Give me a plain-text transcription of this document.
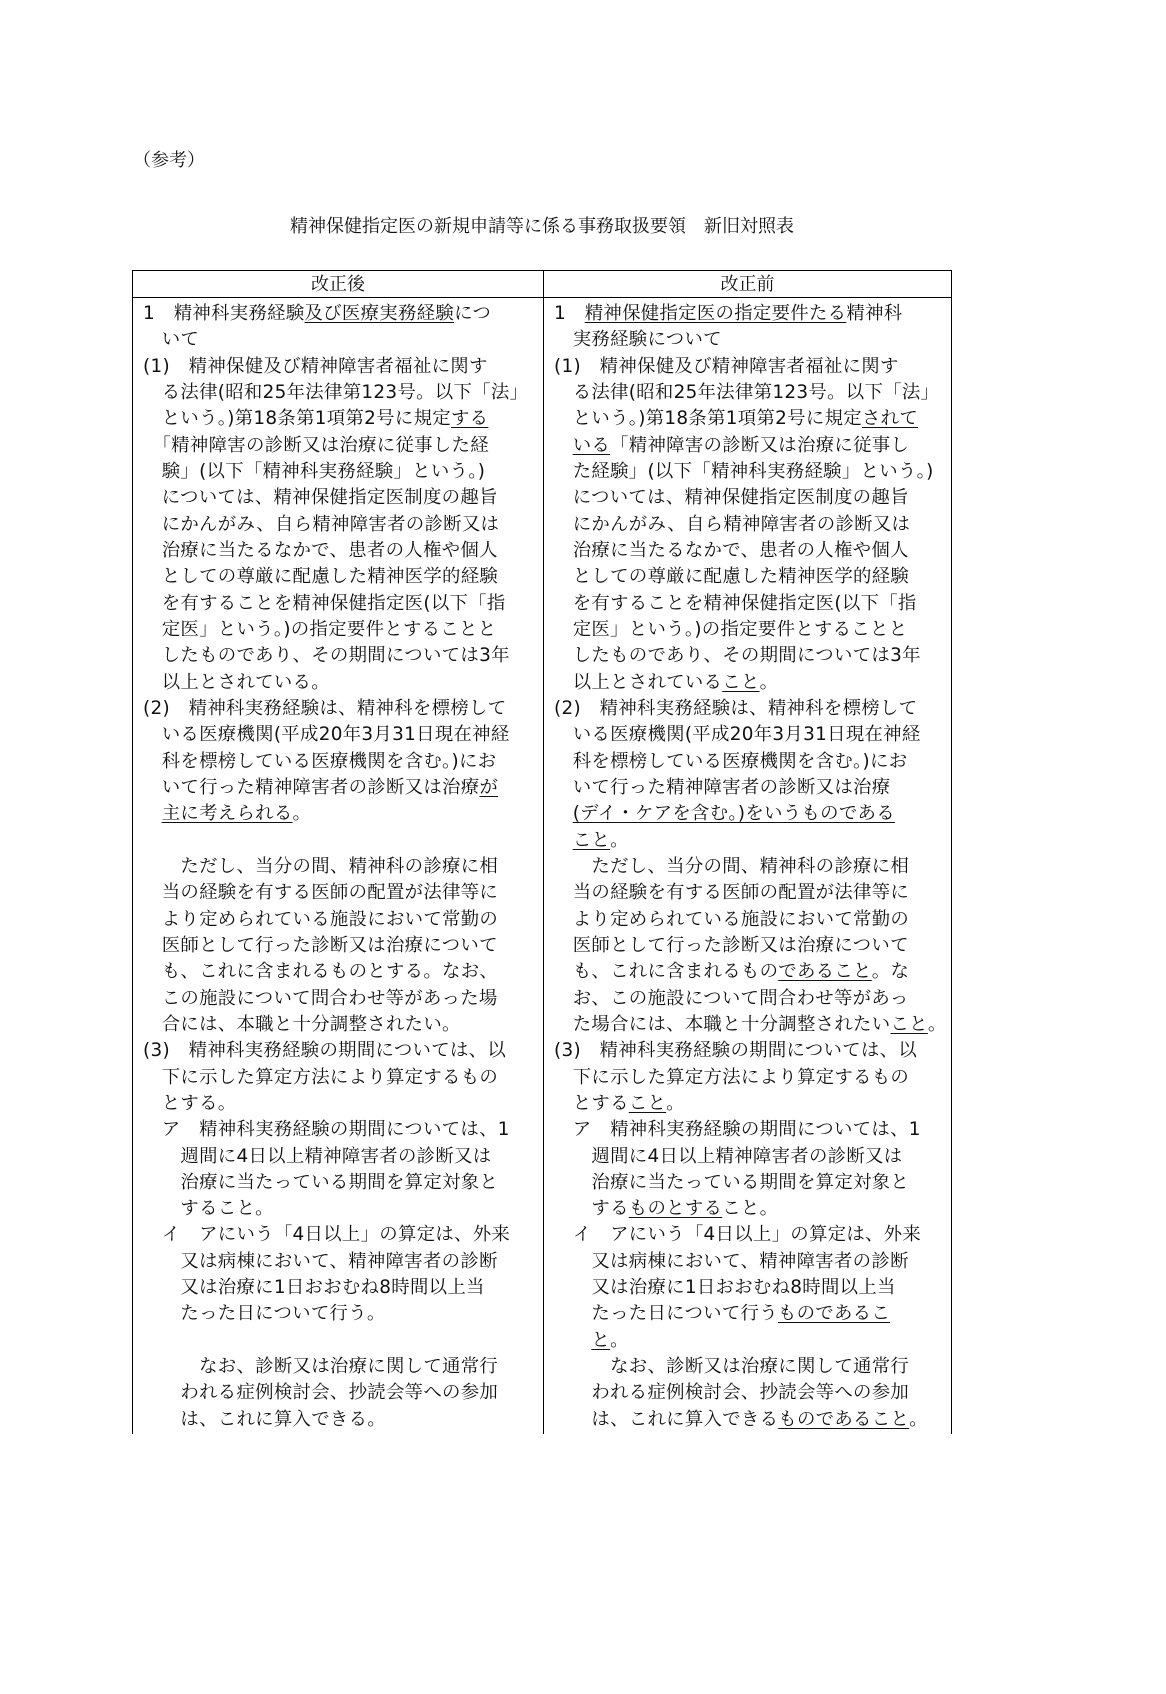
（参考）
精神保健指定医の新規申請等に係る事務取扱要領　新旧対照表
改正後	改正前
1　精神科実務経験及び医療実務経験につ
　いて
(1)　精神保健及び精神障害者福祉に関す
　る法律(昭和25年法律第123号。以下「法」
　という。)第18条第1項第2号に規定する
　「精神障害の診断又は治療に従事した経
　験」(以下「精神科実務経験」という。)
　については、精神保健指定医制度の趣旨
　にかんがみ、自ら精神障害者の診断又は
　治療に当たるなかで、患者の人権や個人
　としての尊厳に配慮した精神医学的経験
　を有することを精神保健指定医(以下「指
　定医」という。)の指定要件とすることと
　したものであり、その期間については3年
　以上とされている。
(2)　精神科実務経験は、精神科を標榜して
　いる医療機関(平成20年3月31日現在神経
　科を標榜している医療機関を含む。)にお
　いて行った精神障害者の診断又は治療が
　主に考えられる。
　　ただし、当分の間、精神科の診療に相
　当の経験を有する医師の配置が法律等に
　より定められている施設において常勤の
　医師として行った診断又は治療について
　も、これに含まれるものとする。なお、
　この施設について問合わせ等があった場
　合には、本職と十分調整されたい。
(3)　精神科実務経験の期間については、以
　下に示した算定方法により算定するもの
　とする。
　ア　精神科実務経験の期間については、1
　　週間に4日以上精神障害者の診断又は
　　治療に当たっている期間を算定対象と
　　すること。
　イ　アにいう「4日以上」の算定は、外来
　　又は病棟において、精神障害者の診断
　　又は治療に1日おおむね8時間以上当
　　たった日について行う。
　　　なお、診断又は治療に関して通常行
　　われる症例検討会、抄読会等への参加
　　は、これに算入できる。
1　精神保健指定医の指定要件たる精神科
　実務経験について
(1)　精神保健及び精神障害者福祉に関す
　る法律(昭和25年法律第123号。以下「法」
　という。)第18条第1項第2号に規定されて
　いる「精神障害の診断又は治療に従事し
　た経験」(以下「精神科実務経験」という。)
　については、精神保健指定医制度の趣旨
　にかんがみ、自ら精神障害者の診断又は
　治療に当たるなかで、患者の人権や個人
　としての尊厳に配慮した精神医学的経験
　を有することを精神保健指定医(以下「指
　定医」という。)の指定要件とすることと
　したものであり、その期間については3年
　以上とされていること。
(2)　精神科実務経験は、精神科を標榜して
　いる医療機関(平成20年3月31日現在神経
　科を標榜している医療機関を含む。)にお
　いて行った精神障害者の診断又は治療
　(デイ・ケアを含む。)をいうものである
　こと。
　　ただし、当分の間、精神科の診療に相
　当の経験を有する医師の配置が法律等に
　より定められている施設において常勤の
　医師として行った診断又は治療について
　も、これに含まれるものであること。な
　お、この施設について問合わせ等があっ
　た場合には、本職と十分調整されたいこと。
(3)　精神科実務経験の期間については、以
　下に示した算定方法により算定するもの
　とすること。
　ア　精神科実務経験の期間については、1
　　週間に4日以上精神障害者の診断又は
　　治療に当たっている期間を算定対象と
　　するものとすること。
　イ　アにいう「4日以上」の算定は、外来
　　又は病棟において、精神障害者の診断
　　又は治療に1日おおむね8時間以上当
　　たった日について行うものであるこ
　　と。
　　　なお、診断又は治療に関して通常行
　　われる症例検討会、抄読会等への参加
　　は、これに算入できるものであること。
